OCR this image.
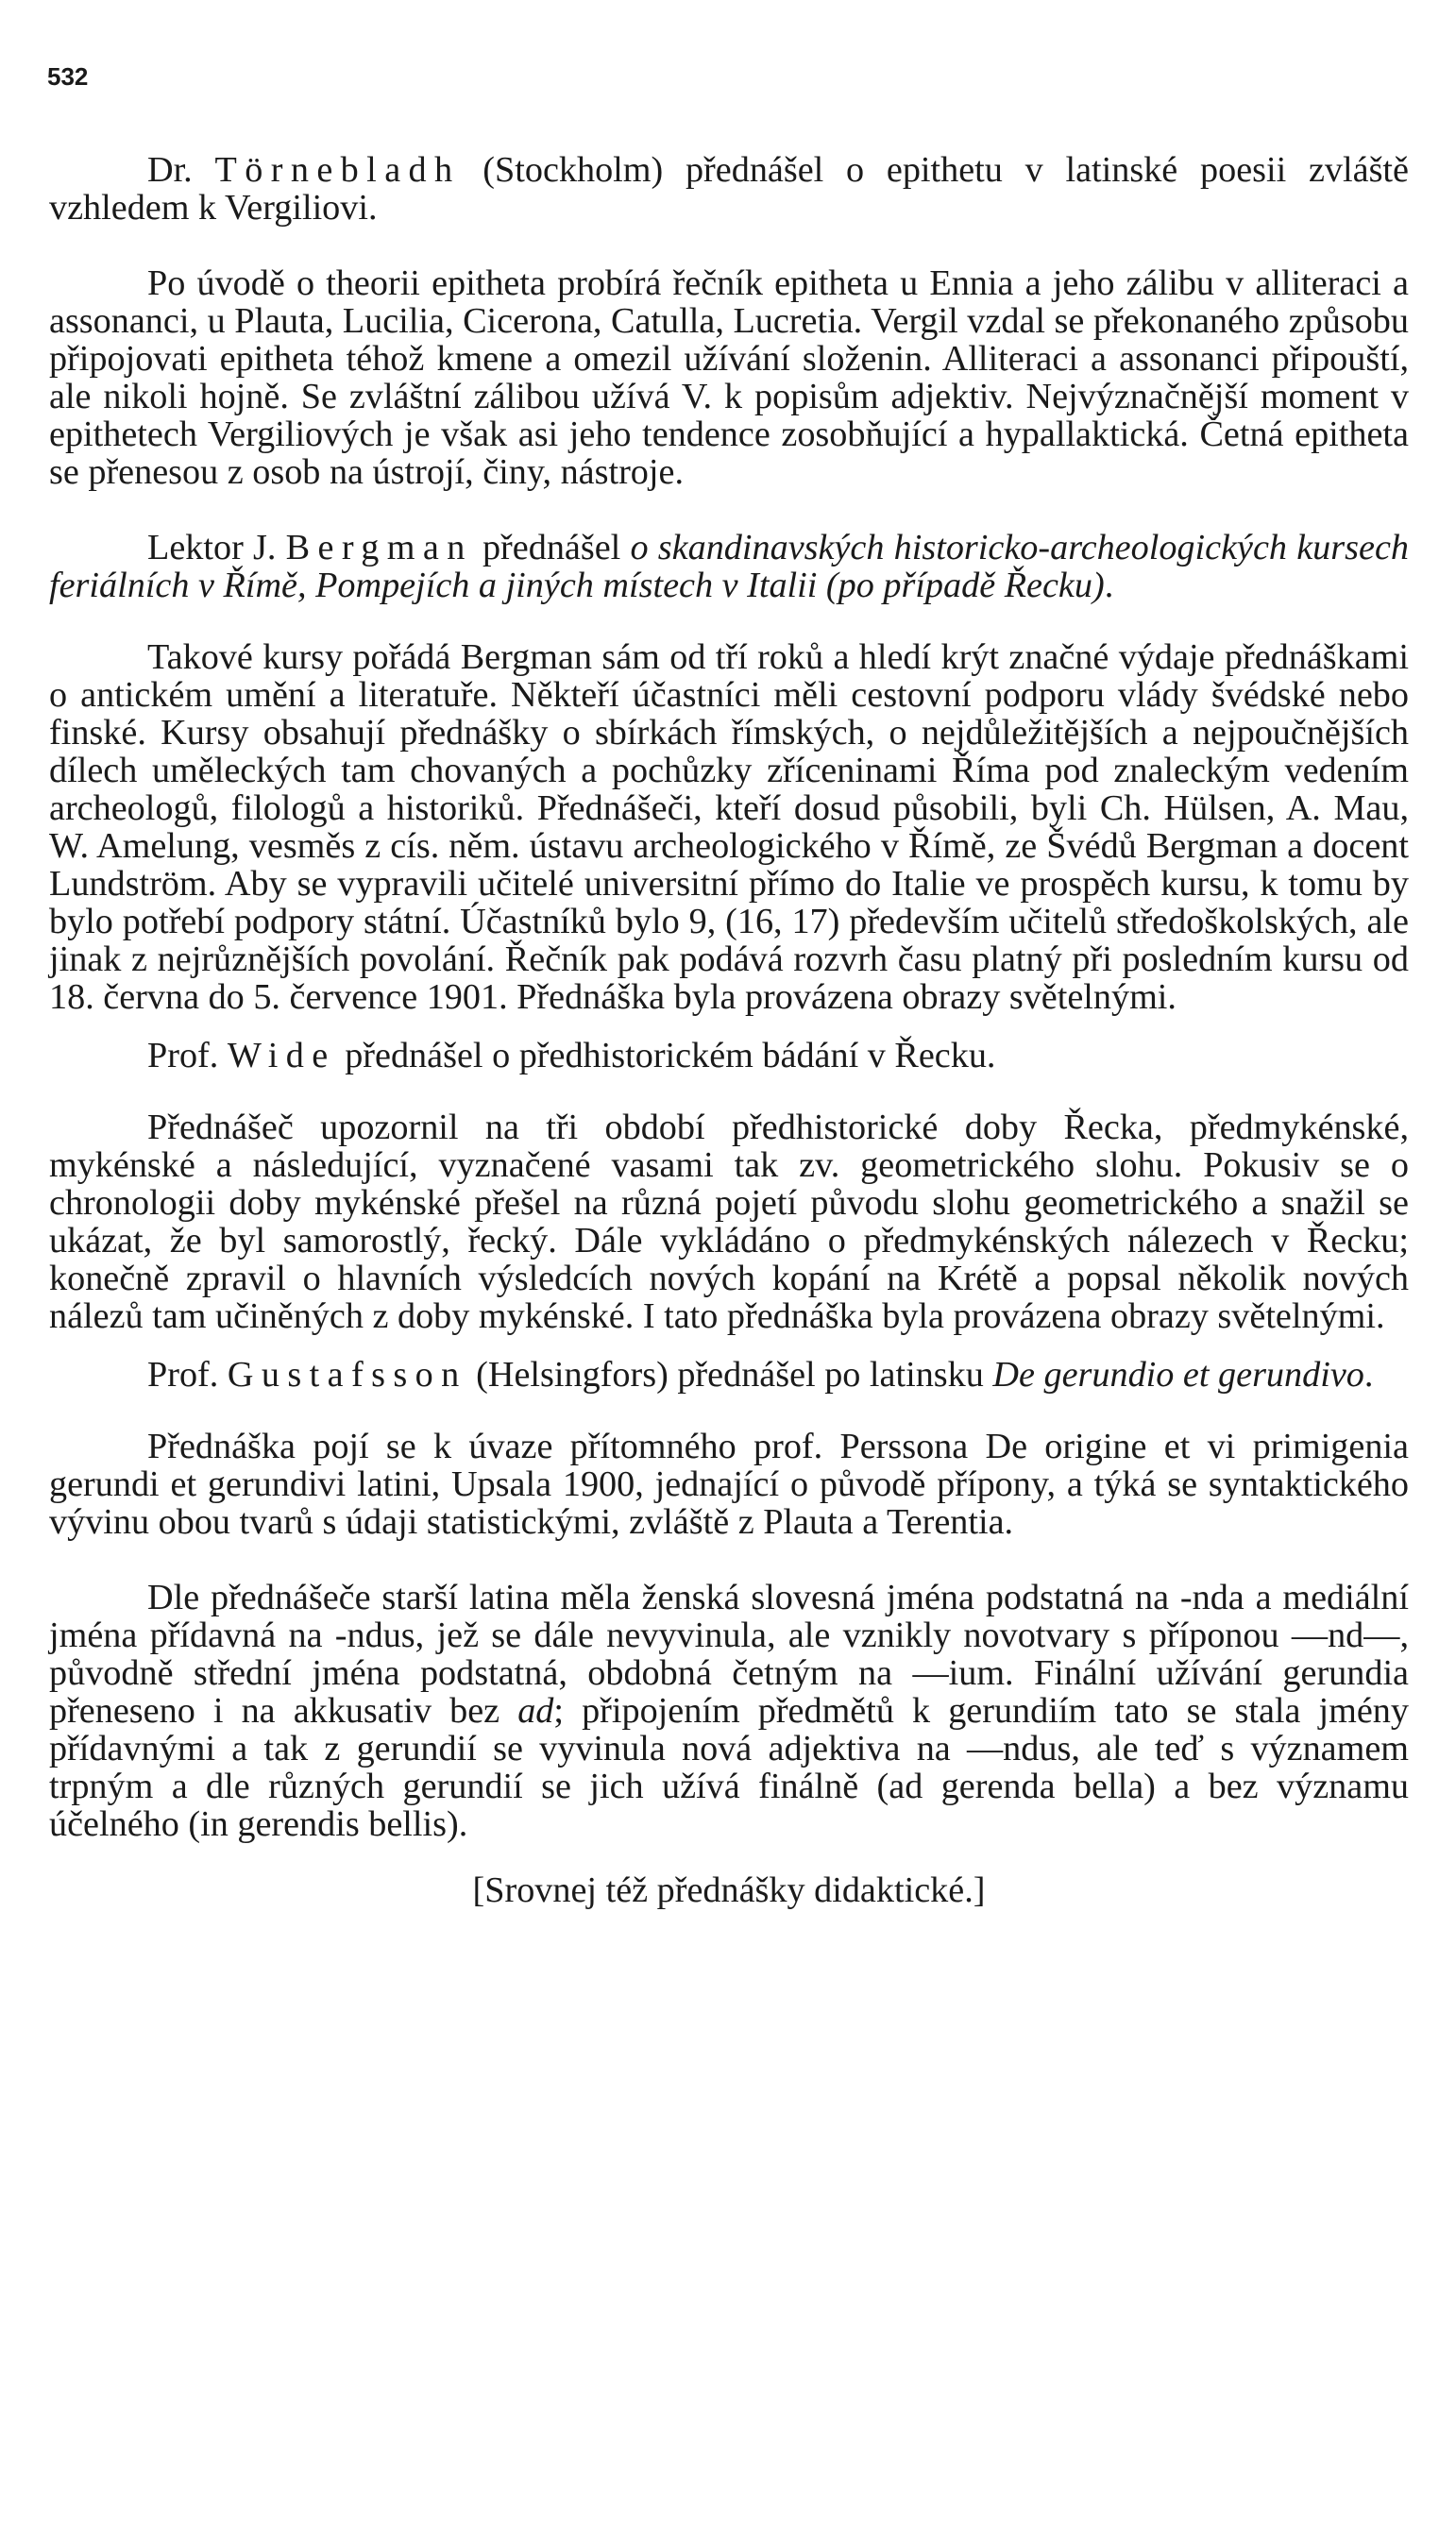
532

Dr. Törnebladh (Stockholm) přednášel o epithetu v latinské poesii zvláště vzhledem k Vergiliovi.

Po úvodě o theorii epitheta probírá řečník epitheta u Ennia a jeho zálibu v alliteraci a assonanci, u Plauta, Lucilia, Cicerona, Catulla, Lucretia. Vergil vzdal se překonaného způsobu připojovati epitheta téhož kmene a omezil užívání složenin. Alliteraci a assonanci připouští, ale nikoli hojně. Se zvláštní zálibou užívá V. k popisům adjektiv. Nejvýznačnější moment v epithetech Vergiliových je však asi jeho tendence zosobňující a hypallaktická. Četná epitheta se přenesou z osob na ústrojí, činy, nástroje.

Lektor J. Bergman přednášel o skandinavských historicko-archeologických kursech feriálních v Římě, Pompejích a jiných místech v Italii (po případě Řecku).

Takové kursy pořádá Bergman sám od tří roků a hledí krýt značné výdaje přednáškami o antickém umění a literatuře. Někteří účastníci měli cestovní podporu vlády švédské nebo finské. Kursy obsahují přednášky o sbírkách římských, o nejdůležitějších a nejpoučnějších dílech uměleckých tam chovaných a pochůzky zříceninami Říma pod znaleckým vedením archeologů, filologů a historiků. Přednášeči, kteří dosud působili, byli Ch. Hülsen, A. Mau, W. Amelung, vesměs z cís. něm. ústavu archeologického v Římě, ze Švédů Bergman a docent Lundström. Aby se vypravili učitelé universitní přímo do Italie ve prospěch kursu, k tomu by bylo potřebí podpory státní. Účastníků bylo 9, (16, 17) především učitelů středoškolských, ale jinak z nejrůznějších povolání. Řečník pak podává rozvrh času platný při posledním kursu od 18. června do 5. července 1901. Přednáška byla provázena obrazy světelnými.

Prof. Wide přednášel o předhistorickém bádání v Řecku.

Přednášeč upozornil na tři období předhistorické doby Řecka, předmykénské, mykénské a následující, vyznačené vasami tak zv. geometrického slohu. Pokusiv se o chronologii doby mykénské přešel na různá pojetí původu slohu geometrického a snažil se ukázat, že byl samorostlý, řecký. Dále vykládáno o předmykénských nálezech v Řecku; konečně zpravil o hlavních výsledcích nových kopání na Krétě a popsal několik nových nálezů tam učiněných z doby mykénské. I tato přednáška byla provázena obrazy světelnými.

Prof. Gustafsson (Helsingfors) přednášel po latinsku De gerundio et gerundivo.

Přednáška pojí se k úvaze přítomného prof. Perssona De origine et vi primigenia gerundi et gerundivi latini, Upsala 1900, jednající o původě přípony, a týká se syntaktického vývinu obou tvarů s údaji statistickými, zvláště z Plauta a Terentia.

Dle přednášeče starší latina měla ženská slovesná jména podstatná na -nda a mediální jména přídavná na -ndus, jež se dále nevyvinula, ale vznikly novotvary s příponou —nd—, původně střední jména podstatná, obdobná četným na —ium. Finální užívání gerundia přeneseno i na akkusativ bez ad; připojením předmětů k gerundiím tato se stala jmény přídavnými a tak z gerundií se vyvinula nová adjektiva na —ndus, ale teď s významem trpným a dle různých gerundií se jich užívá finálně (ad gerenda bella) a bez významu účelného (in gerendis bellis).

[Srovnej též přednášky didaktické.]
